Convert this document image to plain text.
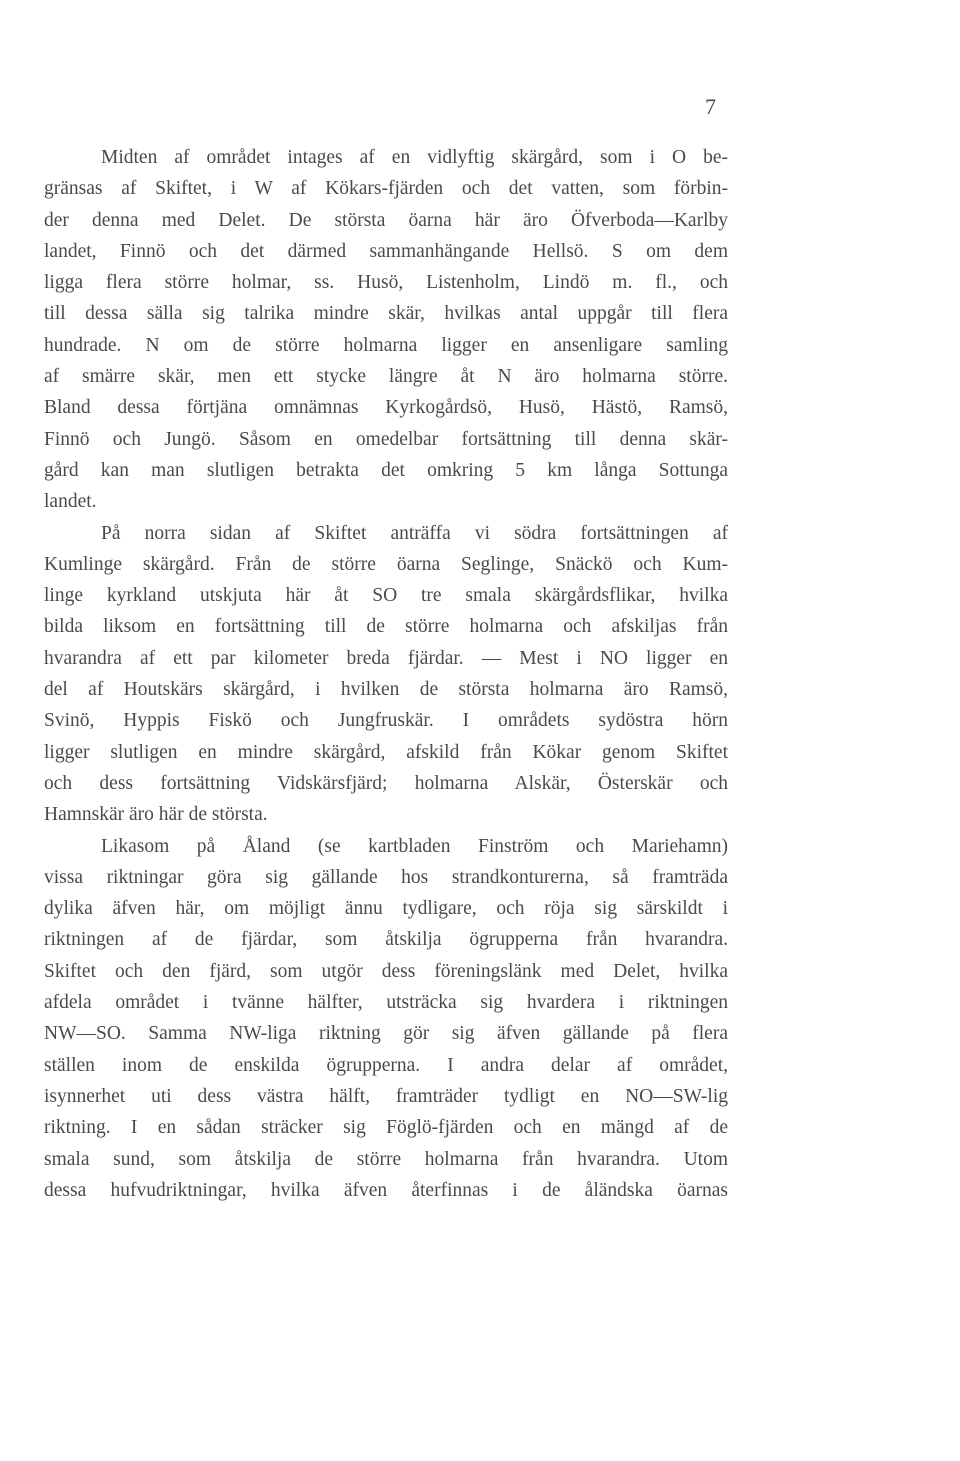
7
Midten af området intages af en vidlyftig skärgård, som i O be-
gränsas af Skiftet, i W af Kökars-fjärden och det vatten, som förbin-
der denna med Delet. De största öarna här äro Öfverboda—Karlby
landet, Finnö och det därmed sammanhängande Hellsö. S om dem
ligga flera större holmar, ss. Husö, Listenholm, Lindö m. fl., och
till dessa sälla sig talrika mindre skär, hvilkas antal uppgår till flera
hundrade. N om de större holmarna ligger en ansenligare samling
af smärre skär, men ett stycke längre åt N äro holmarna större.
Bland dessa förtjäna omnämnas Kyrkogårdsö, Husö, Hästö, Ramsö,
Finnö och Jungö. Såsom en omedelbar fortsättning till denna skär-
gård kan man slutligen betrakta det omkring 5 km långa Sottunga
landet.
På norra sidan af Skiftet anträffa vi södra fortsättningen af
Kumlinge skärgård. Från de större öarna Seglinge, Snäckö och Kum-
linge kyrkland utskjuta här åt SO tre smala skärgårdsflikar, hvilka
bilda liksom en fortsättning till de större holmarna och afskiljas från
hvarandra af ett par kilometer breda fjärdar. — Mest i NO ligger en
del af Houtskärs skärgård, i hvilken de största holmarna äro Ramsö,
Svinö, Hyppis Fiskö och Jungfruskär. I områdets sydöstra hörn
ligger slutligen en mindre skärgård, afskild från Kökar genom Skiftet
och dess fortsättning Vidskärsfjärd; holmarna Alskär, Österskär och
Hamnskär äro här de största.
Likasom på Åland (se kartbladen Finström och Mariehamn)
vissa riktningar göra sig gällande hos strandkonturerna, så framträda
dylika äfven här, om möjligt ännu tydligare, och röja sig särskildt i
riktningen af de fjärdar, som åtskilja ögrupperna från hvarandra.
Skiftet och den fjärd, som utgör dess föreningslänk med Delet, hvilka
afdela området i tvänne hälfter, utsträcka sig hvardera i riktningen
NW—SO. Samma NW-liga riktning gör sig äfven gällande på flera
ställen inom de enskilda ögrupperna. I andra delar af området,
isynnerhet uti dess västra hälft, framträder tydligt en NO—SW-lig
riktning. I en sådan sträcker sig Föglö-fjärden och en mängd af de
smala sund, som åtskilja de större holmarna från hvarandra. Utom
dessa hufvudriktningar, hvilka äfven återfinnas i de åländska öarnas
